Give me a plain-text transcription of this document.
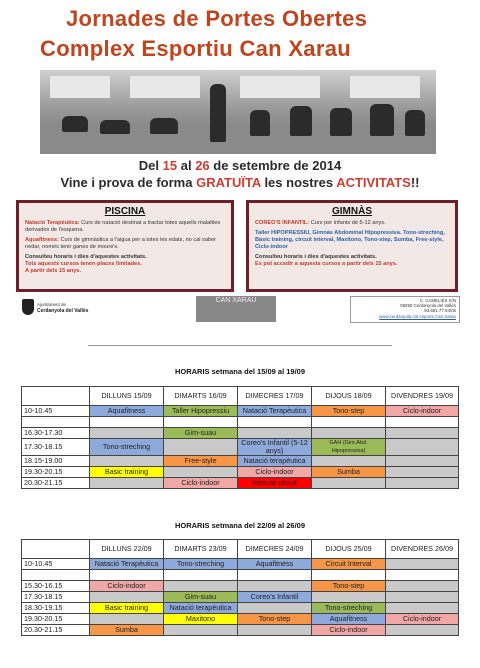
Jornades de Portes Obertes
Complex Esportiu Can Xarau
Del 15 al 26 de setembre de 2014
Vine i prova de forma GRATUÏTA les nostres ACTIVITATS!!
PISCINA

Natació Terapèutica: Curs de natació destinat a tractar totes aquells malalties derivades de l'esquena.

Aquafitness: Curs de gimnàstica a l'aigua per a totes les edats, no cal saber nedar, només tenir ganes de moure's.

Consulteu horaris i dies d'aquestes activitats.
Tots aquests cursos tenen places limitades.
A partir dels 15 anys.

GIMNÀS

COREO'S INFANTIL: Curs per infants de 5-12 anys.

Taller HIPOPRESSIU, Gimnàs Abdominal Hipopressiva. Tono-streching, Bàsic training, circuit interval, Maxitono, Tono-step, Sumba, Free-style, Ciclo-indoor

Consulteu horaris i dies d'aquestes activitats.
Es pot accedir a aquests cursos a partir dels 15 anys.

Ajuntament de
Cerdanyola del Vallès
CAN XARAU	C. CAMELIES S/N
08290 Cerdanyola del Vallès
93.691.77.04/05
www.cerdanyola.cat esports Can Xarau
HORARIS setmana del 15/09 al 19/09
	DILLUNS 15/09	DIMARTS 16/09	DIMECRES 17/09	DIJOUS 18/09	DIVENDRES 19/09
10-10.45	Aquafitness	Taller Hipopressiu	Natació Terapèutica	Tono-step	Ciclo-indoor

16.30-17.30		Gim-suau			
17.30-18.15	Tono-streching		Coreo's Infantil (5-12 anys)	GAH (Gim.Abd. Hipopressiva)	
18.15-19.00		Free-style	Natació terapèutica		
19.30-20.15	Basic training		Ciclo-indoor	Sumba	
20.30-21.15		Ciclo-indoor	Interval-circuit		
HORARIS setmana del 22/09 al 26/09
	DILLUNS 22/09	DIMARTS 23/09	DIMECRES 24/09	DIJOUS 25/09	DIVENDRES 26/09
10-10.45	Natació Terapèutica	Tono-streching	Aquafitness	Circuit Interval	

15.30-16.15	Ciclo-indoor			Tono-step	
17.30-18.15		Gim-suau	Coreo's Infantil		
18.30-19.15	Basic training	Natació terapèutica		Tono-streching	
19.30-20.15		Maxitono	Tono-step	Aquafitness	Ciclo-indoor
20.30-21.15	Sumba			Ciclo-indoor	
